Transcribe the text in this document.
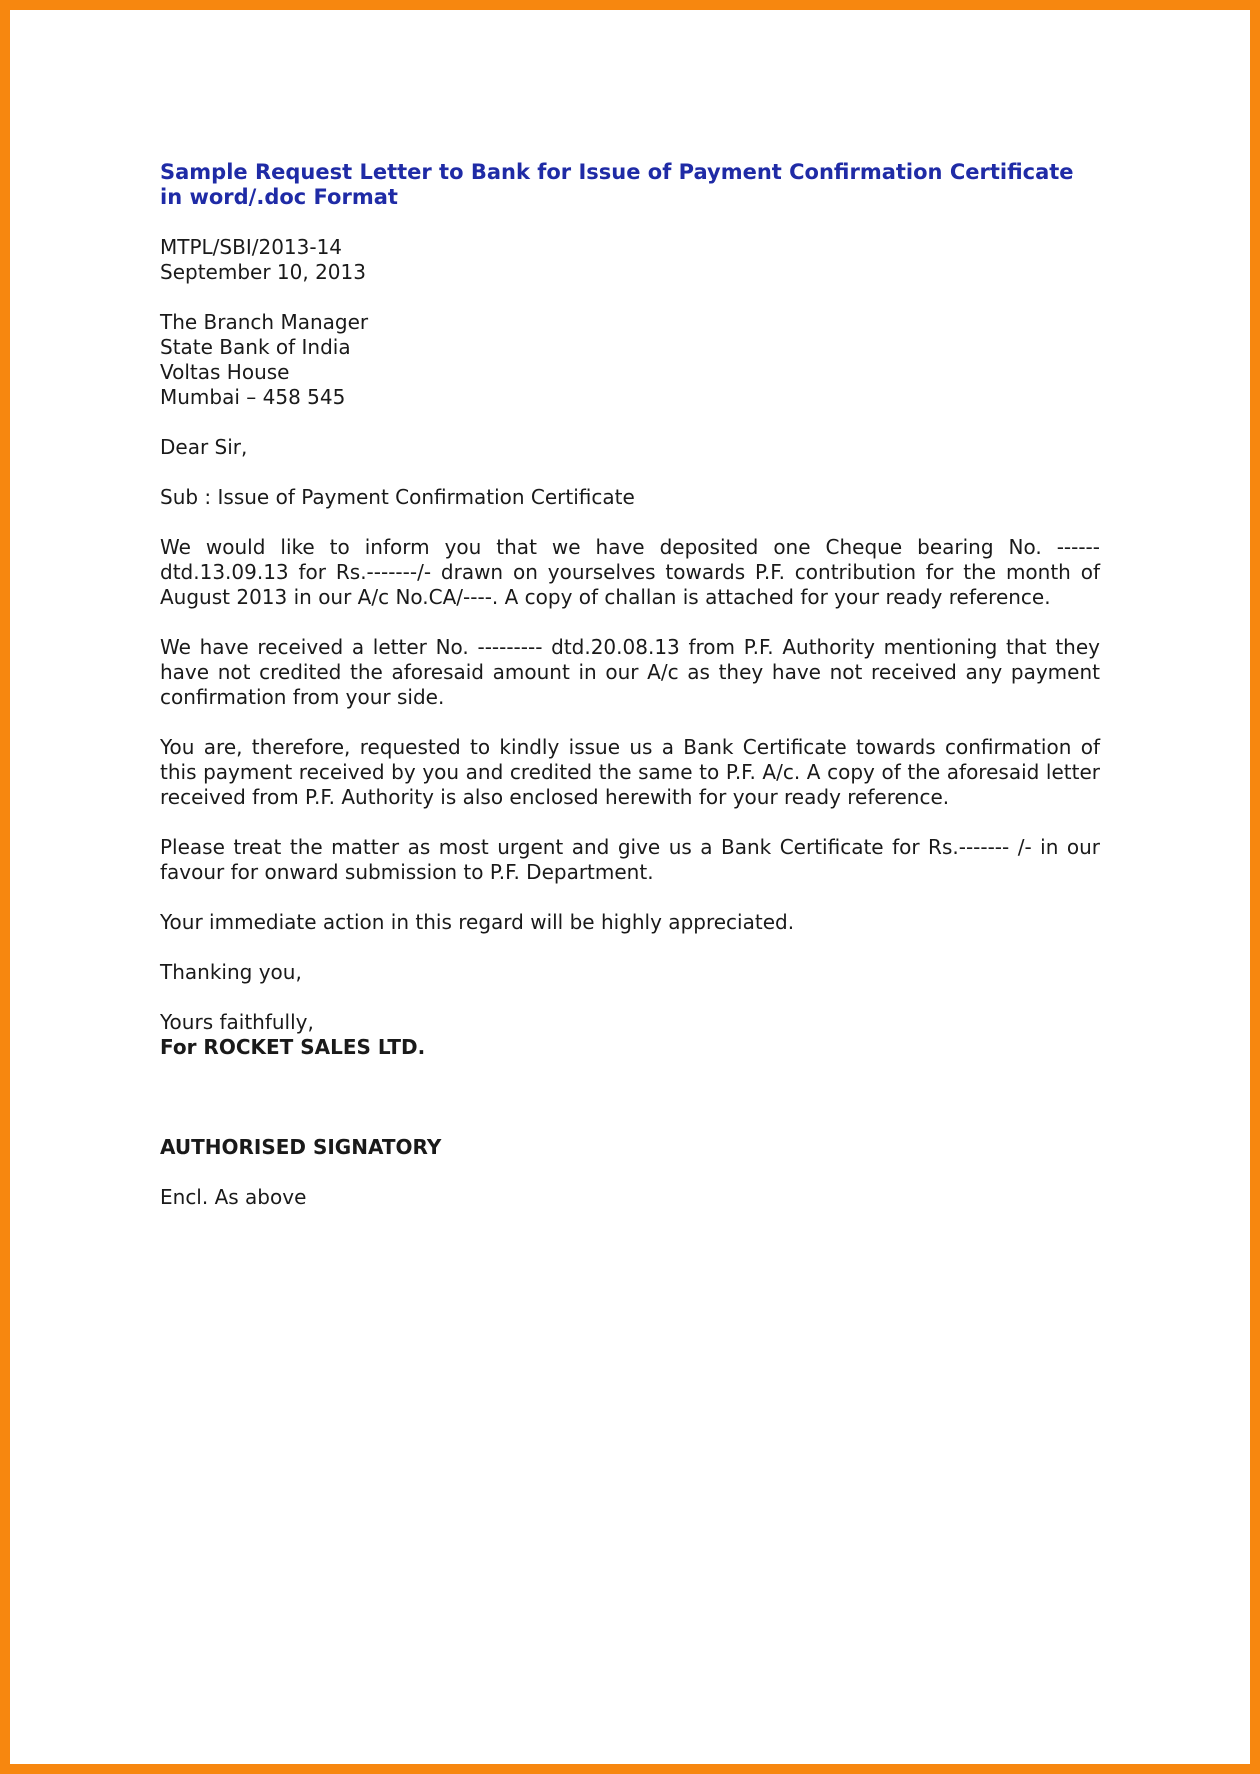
Sample Request Letter to Bank for Issue of Payment Confirmation Certificate in word/.doc Format
MTPL/SBI/2013-14
September 10, 2013
The Branch Manager
State Bank of India
Voltas House
Mumbai – 458 545
Dear Sir,
Sub : Issue of Payment Confirmation Certificate
We would like to inform you that we have deposited one Cheque bearing No. ------ dtd.13.09.13 for Rs.-------/- drawn on yourselves towards P.F. contribution for the month of August 2013 in our A/c No.CA/----. A copy of challan is attached for your ready reference.
We have received a letter No. --------- dtd.20.08.13 from P.F. Authority mentioning that they have not credited the aforesaid amount in our A/c as they have not received any payment confirmation from your side.
You are, therefore, requested to kindly issue us a Bank Certificate towards confirmation of this payment received by you and credited the same to P.F. A/c. A copy of the aforesaid letter received from P.F. Authority is also enclosed herewith for your ready reference.
Please treat the matter as most urgent and give us a Bank Certificate for Rs.------- /- in our favour for onward submission to P.F. Department.
Your immediate action in this regard will be highly appreciated.
Thanking you,
Yours faithfully,
For ROCKET SALES LTD.
AUTHORISED SIGNATORY
Encl. As above
